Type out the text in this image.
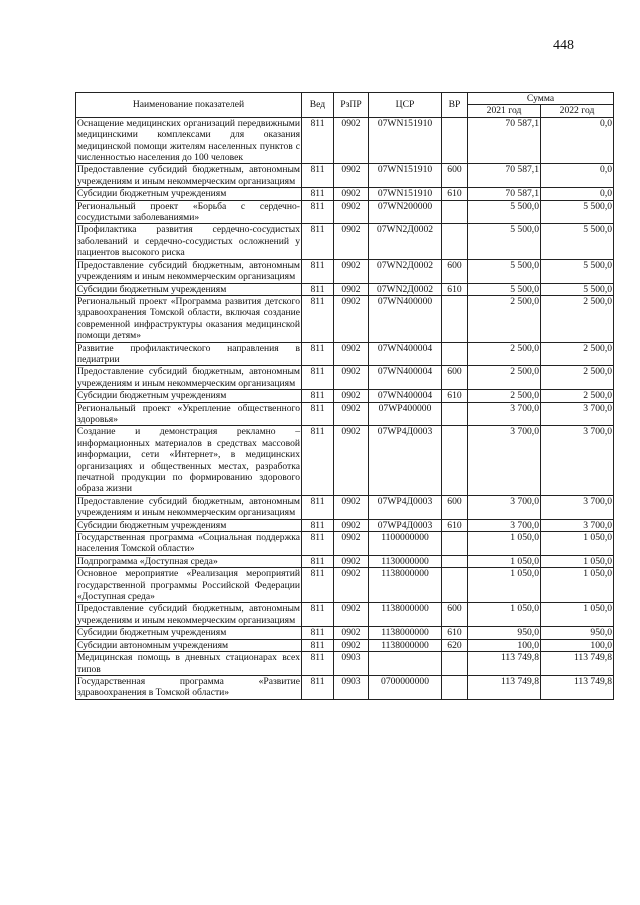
448
Наименование показателей	Вед	РзПР	ЦСР	ВР	Сумма	
					2021 год	2022 год
Оснащение медицинских организаций передвижными медицинскими комплексами для оказания медицинской помощи жителям населенных пунктов с численностью населения до 100 человек	811	0902	07WN151910		70 587,1	0,0
Предоставление субсидий бюджетным, автономным учреждениям и иным некоммерческим организациям	811	0902	07WN151910	600	70 587,1	0,0
Субсидии бюджетным учреждениям	811	0902	07WN151910	610	70 587,1	0,0
Региональный проект «Борьба с сердечно-сосудистыми заболеваниями»	811	0902	07WN200000		5 500,0	5 500,0
Профилактика развития сердечно-сосудистых заболеваний и сердечно-сосудистых осложнений у пациентов высокого риска	811	0902	07WN2Д0002		5 500,0	5 500,0
Предоставление субсидий бюджетным, автономным учреждениям и иным некоммерческим организациям	811	0902	07WN2Д0002	600	5 500,0	5 500,0
Субсидии бюджетным учреждениям	811	0902	07WN2Д0002	610	5 500,0	5 500,0
Региональный проект «Программа развития детского здравоохранения Томской области, включая создание современной инфраструктуры оказания медицинской помощи детям»	811	0902	07WN400000		2 500,0	2 500,0
Развитие профилактического направления в педиатрии	811	0902	07WN400004		2 500,0	2 500,0
Предоставление субсидий бюджетным, автономным учреждениям и иным некоммерческим организациям	811	0902	07WN400004	600	2 500,0	2 500,0
Субсидии бюджетным учреждениям	811	0902	07WN400004	610	2 500,0	2 500,0
Региональный проект «Укрепление общественного здоровья»	811	0902	07WP400000		3 700,0	3 700,0
Создание и демонстрация рекламно – информационных материалов в средствах массовой информации, сети «Интернет», в медицинских организациях и общественных местах, разработка печатной продукции по формированию здорового образа жизни	811	0902	07WP4Д0003		3 700,0	3 700,0
Предоставление субсидий бюджетным, автономным учреждениям и иным некоммерческим организациям	811	0902	07WP4Д0003	600	3 700,0	3 700,0
Субсидии бюджетным учреждениям	811	0902	07WP4Д0003	610	3 700,0	3 700,0
Государственная программа «Социальная поддержка населения Томской области»	811	0902	1100000000		1 050,0	1 050,0
Подпрограмма «Доступная среда»	811	0902	1130000000		1 050,0	1 050,0
Основное мероприятие «Реализация мероприятий государственной программы Российской Федерации «Доступная среда»	811	0902	1138000000		1 050,0	1 050,0
Предоставление субсидий бюджетным, автономным учреждениям и иным некоммерческим организациям	811	0902	1138000000	600	1 050,0	1 050,0
Субсидии бюджетным учреждениям	811	0902	1138000000	610	950,0	950,0
Субсидии автономным учреждениям	811	0902	1138000000	620	100,0	100,0
Медицинская помощь в дневных стационарах всех типов	811	0903			113 749,8	113 749,8
Государственная программа «Развитие здравоохранения в Томской области»	811	0903	0700000000		113 749,8	113 749,8
